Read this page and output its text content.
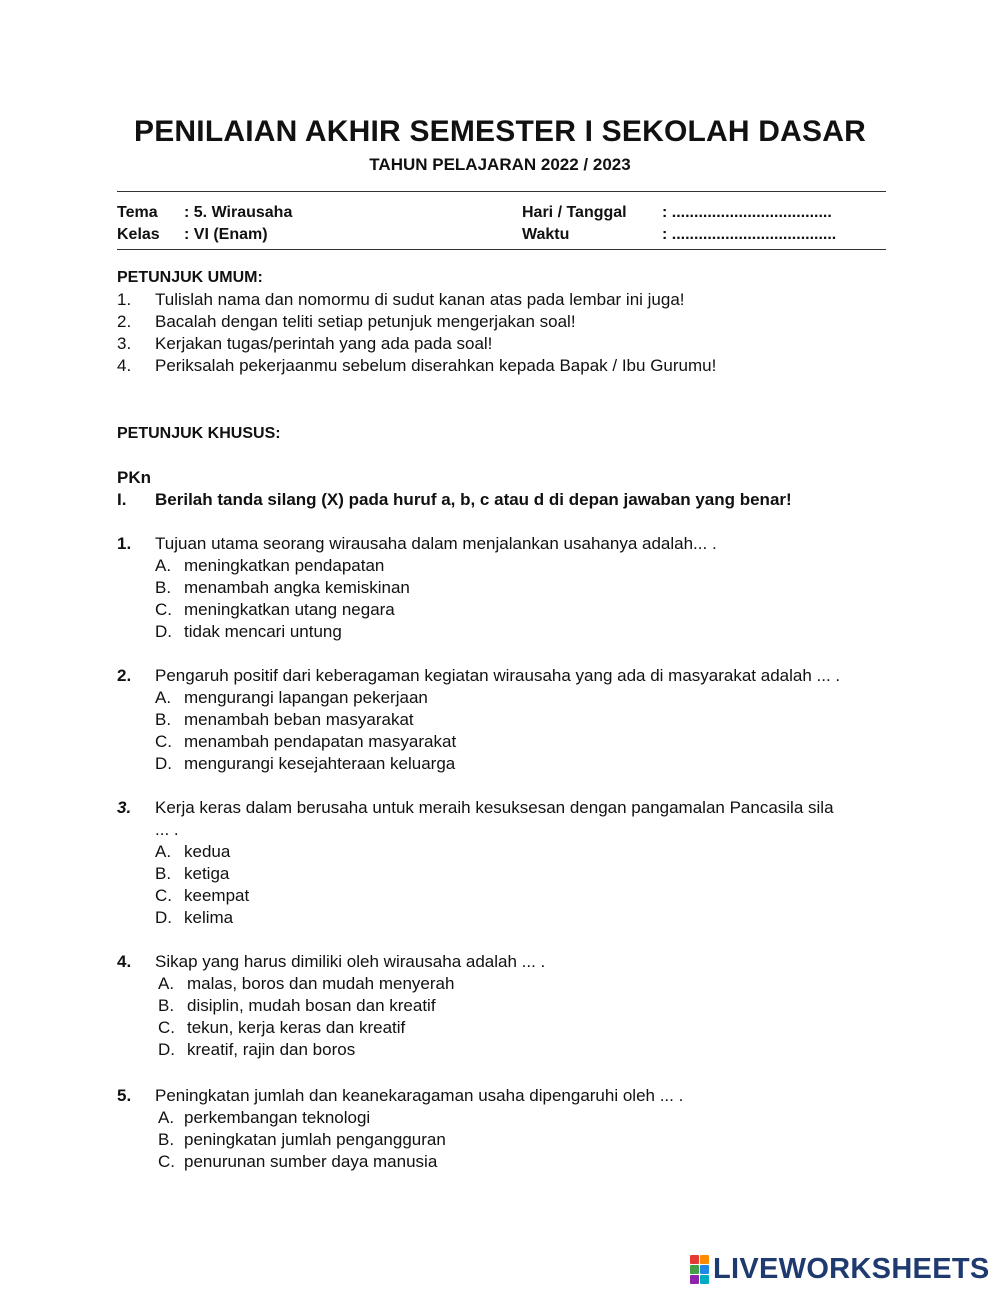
PENILAIAN AKHIR SEMESTER I SEKOLAH DASAR
TAHUN PELAJARAN 2022 / 2023
Tema : 5. Wirausaha
Kelas : VI (Enam)
Hari / Tanggal : ....................................
Waktu	: .....................................
PETUNJUK UMUM:
1. Tulislah nama dan nomormu di sudut kanan atas pada lembar ini juga!
2. Bacalah dengan teliti setiap petunjuk mengerjakan soal!
3. Kerjakan tugas/perintah yang ada pada soal!
4. Periksalah pekerjaanmu sebelum diserahkan kepada Bapak / Ibu Gurumu!
PETUNJUK KHUSUS:
PKn
I. Berilah tanda silang (X) pada huruf a, b, c atau d di depan jawaban yang benar!
1. Tujuan utama seorang wirausaha dalam menjalankan usahanya adalah... .
A. meningkatkan pendapatan
B. menambah angka kemiskinan
C. meningkatkan utang negara
D. tidak mencari untung
2. Pengaruh positif dari keberagaman kegiatan wirausaha yang ada di masyarakat adalah ... .
A. mengurangi lapangan pekerjaan
B. menambah beban masyarakat
C. menambah pendapatan masyarakat
D. mengurangi kesejahteraan keluarga
3. Kerja keras dalam berusaha untuk meraih kesuksesan dengan pangamalan Pancasila sila
... .
A. kedua
B. ketiga
C. keempat
D. kelima
4. Sikap yang harus dimiliki oleh wirausaha adalah ... .
A. malas, boros dan mudah menyerah
B. disiplin, mudah bosan dan kreatif
C. tekun, kerja keras dan kreatif
D. kreatif, rajin dan boros
5. Peningkatan jumlah dan keanekaragaman usaha dipengaruhi oleh ... .
A. perkembangan teknologi
B. peningkatan jumlah pengangguran
C. penurunan sumber daya manusia
LIVEWORKSHEETS
